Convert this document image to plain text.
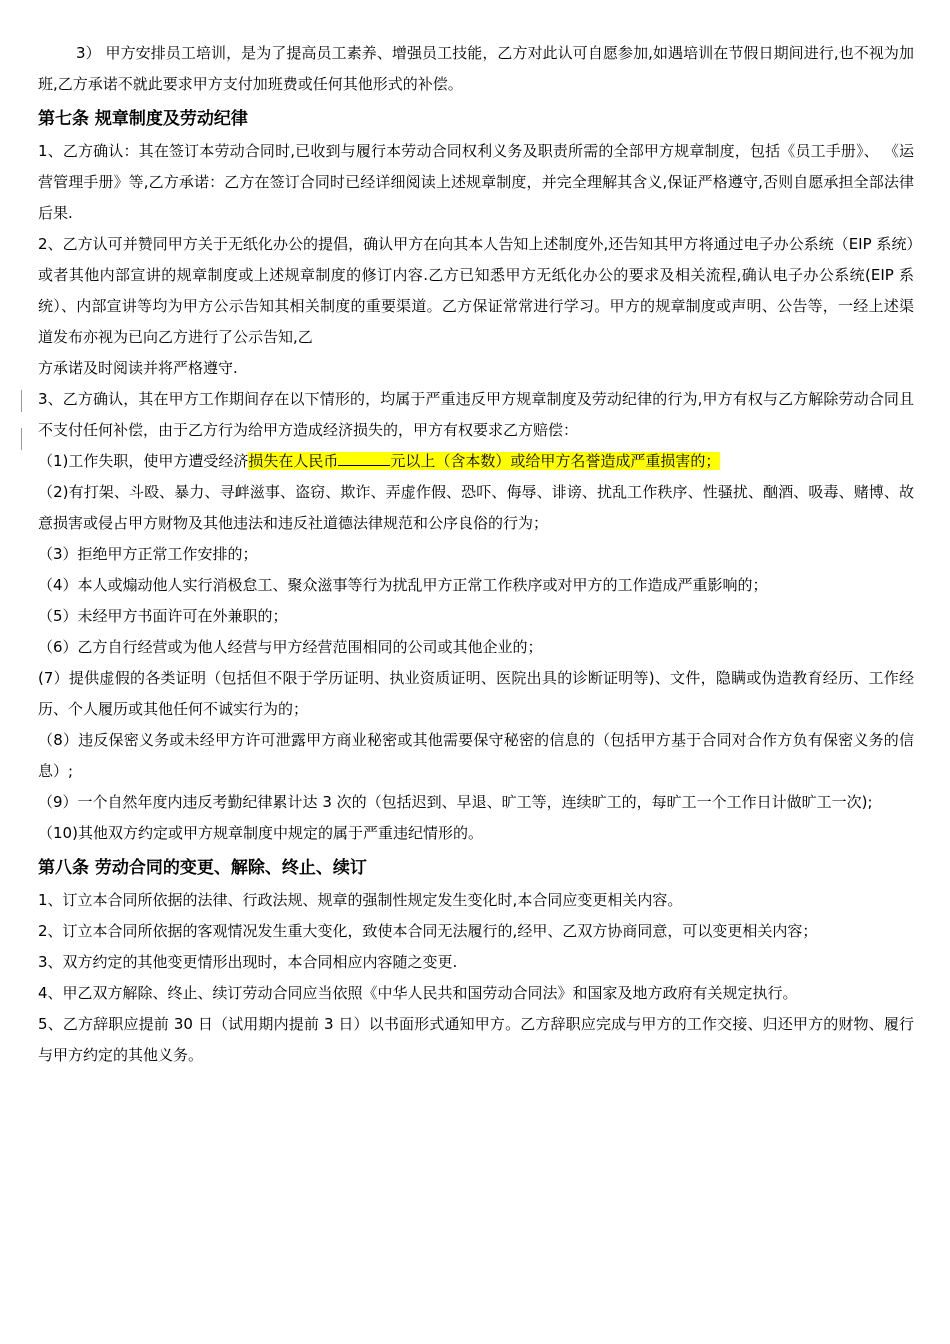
3） 甲方安排员工培训，是为了提高员工素养、增强员工技能，乙方对此认可自愿参加,如遇培训在节假日期间进行,也不视为加班,乙方承诺不就此要求甲方支付加班费或任何其他形式的补偿。
第七条 规章制度及劳动纪律
1、乙方确认：其在签订本劳动合同时,已收到与履行本劳动合同权利义务及职责所需的全部甲方规章制度，包括《员工手册》、 《运营管理手册》等,乙方承诺：乙方在签订合同时已经详细阅读上述规章制度，并完全理解其含义,保证严格遵守,否则自愿承担全部法律后果.
2、乙方认可并赞同甲方关于无纸化办公的提倡，确认甲方在向其本人告知上述制度外,还告知其甲方将通过电子办公系统（EIP 系统）或者其他内部宣讲的规章制度或上述规章制度的修订内容.乙方已知悉甲方无纸化办公的要求及相关流程,确认电子办公系统(EIP 系统）、内部宣讲等均为甲方公示告知其相关制度的重要渠道。乙方保证常常进行学习。甲方的规章制度或声明、公告等，一经上述渠道发布亦视为已向乙方进行了公示告知,乙
方承诺及时阅读并将严格遵守.
3、乙方确认，其在甲方工作期间存在以下情形的，均属于严重违反甲方规章制度及劳动纪律的行为,甲方有权与乙方解除劳动合同且不支付任何补偿，由于乙方行为给甲方造成经济损失的，甲方有权要求乙方赔偿：
（1)工作失职，使甲方遭受经济损失在人民币	元以上（含本数）或给甲方名誉造成严重损害的；
（2)有打架、斗殴、暴力、寻衅滋事、盗窃、欺诈、弄虚作假、恐吓、侮辱、诽谤、扰乱工作秩序、性骚扰、酗酒、吸毒、赌博、故意损害或侵占甲方财物及其他违法和违反社道德法律规范和公序良俗的行为；
（3）拒绝甲方正常工作安排的；
（4）本人或煽动他人实行消极怠工、聚众滋事等行为扰乱甲方正常工作秩序或对甲方的工作造成严重影响的；
（5）未经甲方书面许可在外兼职的；
（6）乙方自行经营或为他人经营与甲方经营范围相同的公司或其他企业的；
(7）提供虚假的各类证明（包括但不限于学历证明、执业资质证明、医院出具的诊断证明等)、文件，隐瞒或伪造教育经历、工作经历、个人履历或其他任何不诚实行为的；
（8）违反保密义务或未经甲方许可泄露甲方商业秘密或其他需要保守秘密的信息的（包括甲方基于合同对合作方负有保密义务的信息）;
（9）一个自然年度内违反考勤纪律累计达 3 次的（包括迟到、早退、旷工等，连续旷工的，每旷工一个工作日计做旷工一次);
（10)其他双方约定或甲方规章制度中规定的属于严重违纪情形的。
第八条 劳动合同的变更、解除、终止、续订
1、订立本合同所依据的法律、行政法规、规章的强制性规定发生变化时,本合同应变更相关内容。
2、订立本合同所依据的客观情况发生重大变化，致使本合同无法履行的,经甲、乙双方协商同意，可以变更相关内容；
3、双方约定的其他变更情形出现时，本合同相应内容随之变更.
4、甲乙双方解除、终止、续订劳动合同应当依照《中华人民共和国劳动合同法》和国家及地方政府有关规定执行。
5、乙方辞职应提前 30 日（试用期内提前 3 日）以书面形式通知甲方。乙方辞职应完成与甲方的工作交接、归还甲方的财物、履行与甲方约定的其他义务。
